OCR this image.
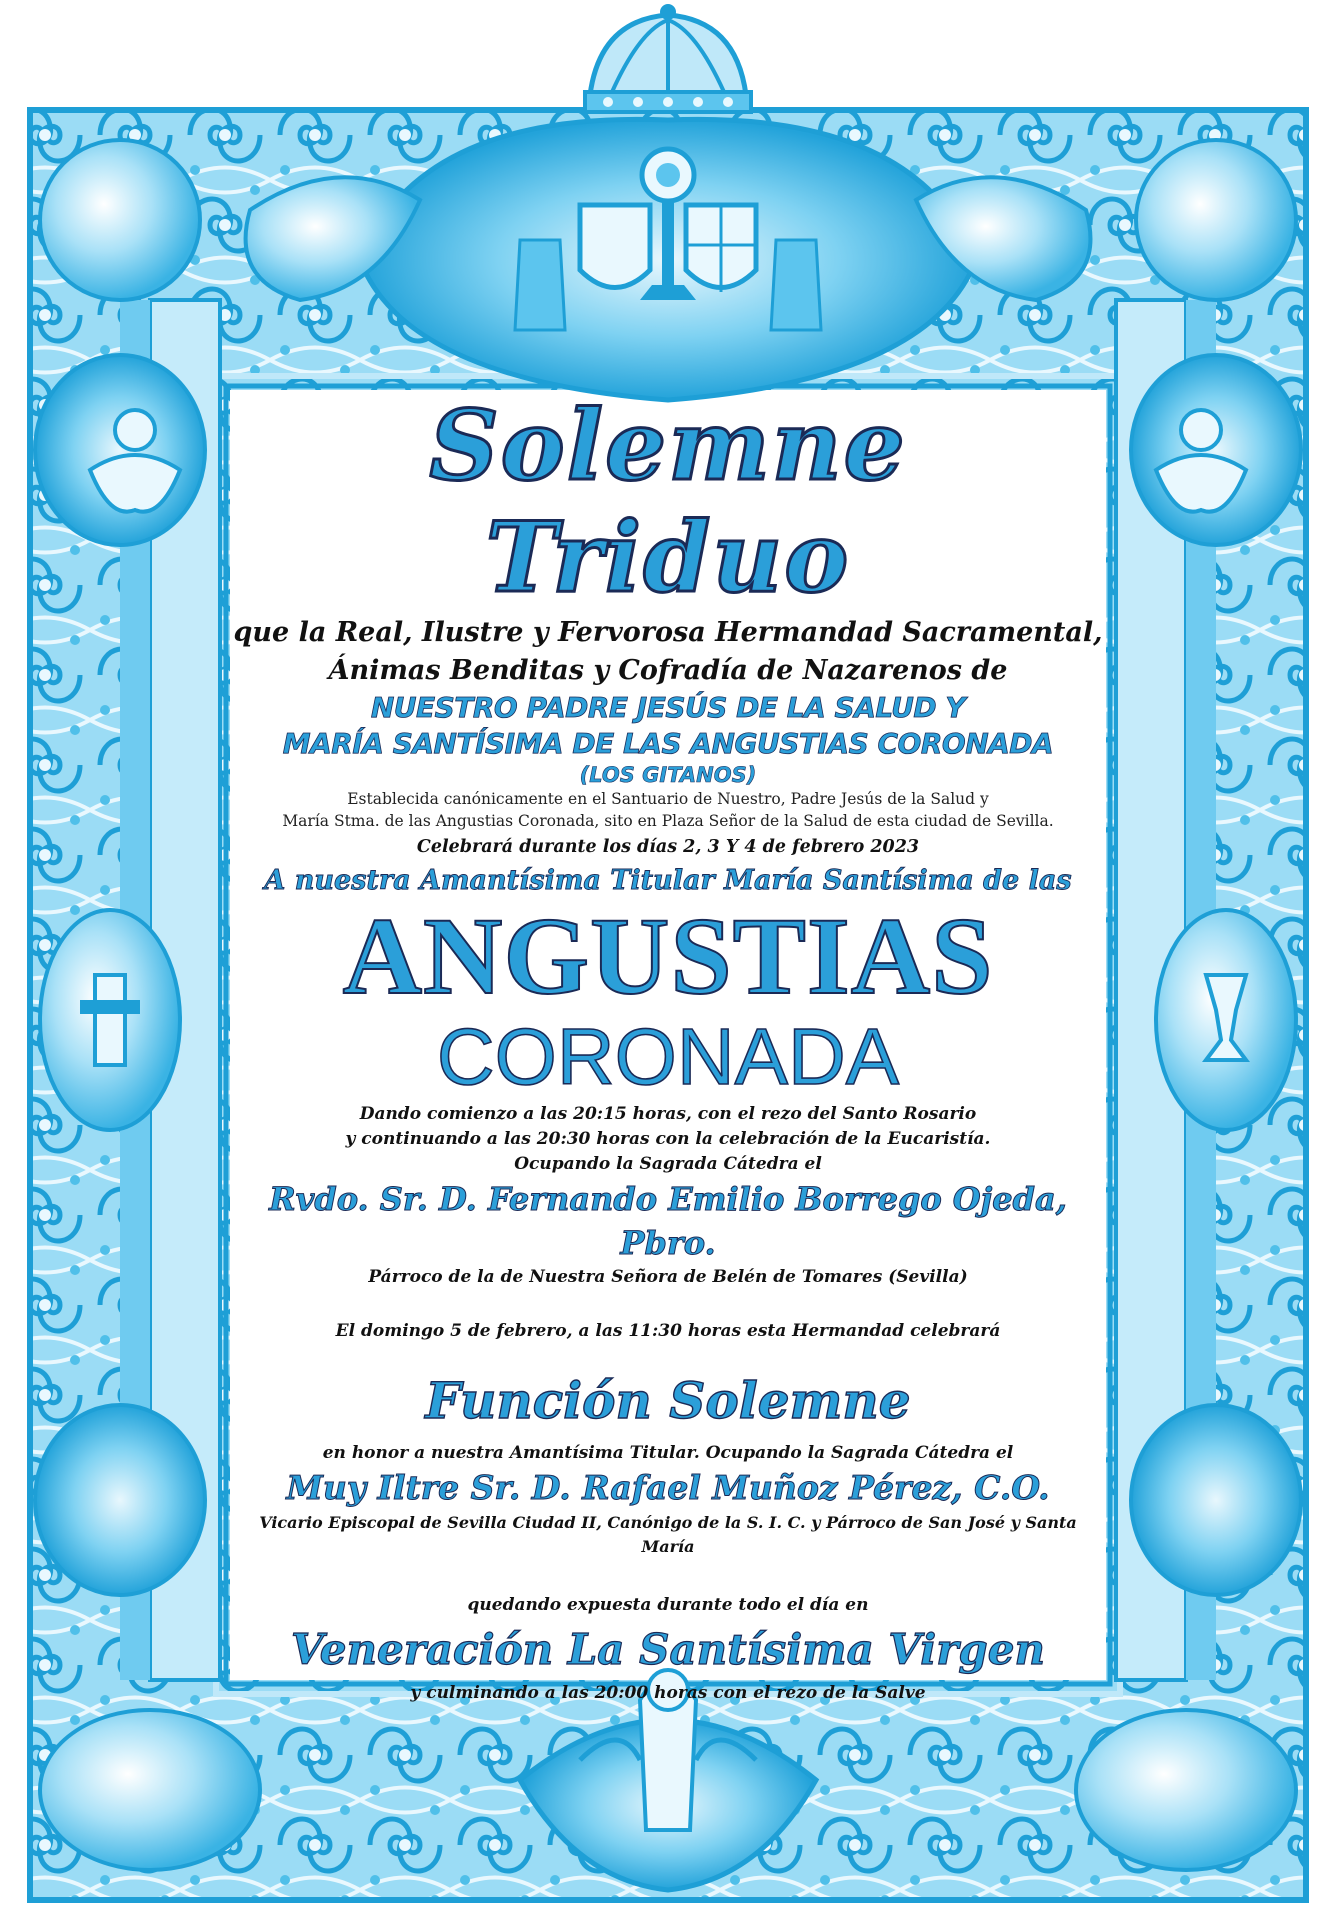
Solemne Triduo
que la Real, Ilustre y Fervorosa Hermandad Sacramental,
Ánimas Benditas y Cofradía de Nazarenos de
NUESTRO PADRE JESÚS DE LA SALUD Y
MARÍA SANTÍSIMA DE LAS ANGUSTIAS CORONADA
(LOS GITANOS)
Establecida canónicamente en el Santuario de Nuestro, Padre Jesús de la Salud y
María Stma. de las Angustias Coronada, sito en Plaza Señor de la Salud de esta ciudad de Sevilla.
Celebrará durante los días 2, 3 Y 4 de febrero 2023
A nuestra Amantísima Titular María Santísima de las
ANGUSTIAS
CORONADA
Dando comienzo a las 20:15 horas, con el rezo del Santo Rosario
y continuando a las 20:30 horas con la celebración de la Eucaristía.
Ocupando la Sagrada Cátedra el
Rvdo. Sr. D. Fernando Emilio Borrego Ojeda, Pbro.
Párroco de la de Nuestra Señora de Belén de Tomares (Sevilla)
El domingo 5 de febrero, a las 11:30 horas esta Hermandad celebrará
Función Solemne
en honor a nuestra Amantísima Titular. Ocupando la Sagrada Cátedra el
Muy Iltre Sr. D. Rafael Muñoz Pérez, C.O.
Vicario Episcopal de Sevilla Ciudad II, Canónigo de la S. I. C. y Párroco de San José y Santa María
quedando expuesta durante todo el día en
Veneración La Santísima Virgen
y culminando a las 20:00 horas con el rezo de la Salve
